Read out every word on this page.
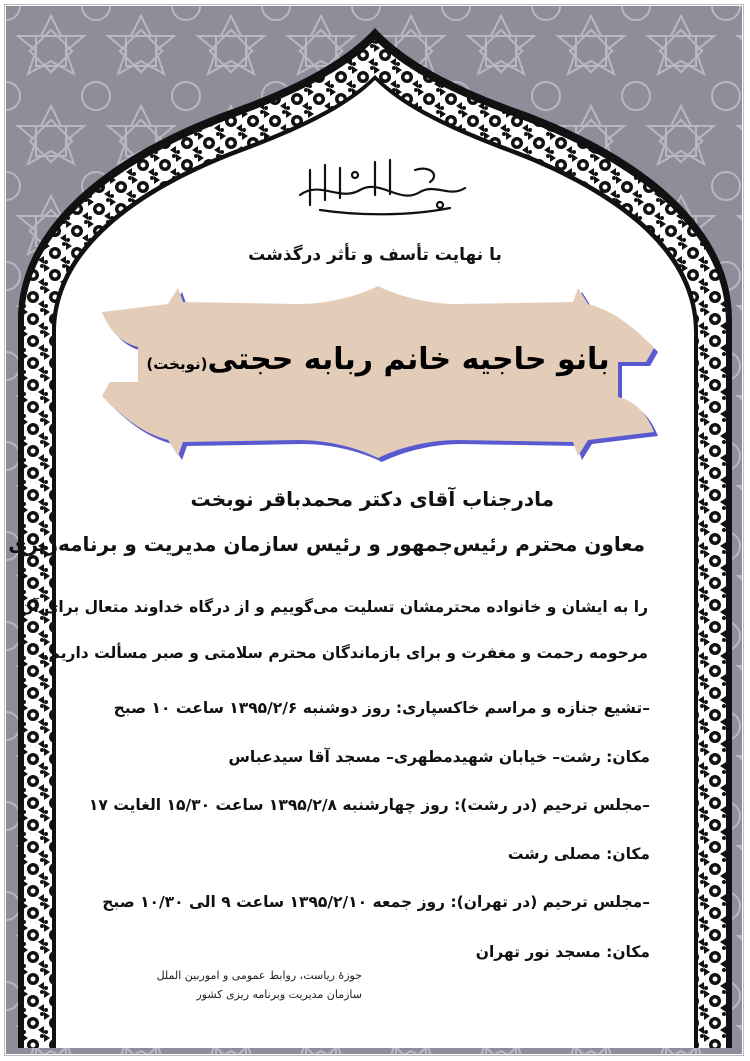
انا لله و انا الیه راجعون
با نهایت تأسف و تأثر درگذشت
بانو حاجیه خانم ربابه حجتی(نوبخت)
مادرجناب آقای دکتر محمدباقر نوبخت
معاون محترم رئیس‌جمهور و رئیس سازمان مدیریت و برنامه‌ریزی
را به ایشان و خانواده محترمشان تسلیت می‌گوییم و از درگاه خداوند متعال برای آن
مرحومه رحمت و مغفرت و برای بازماندگان محترم سلامتی و صبر مسألت داریم.
–تشیع جنازه و مراسم خاکسپاری: روز دوشنبه ۱۳۹۵/۲/۶ ساعت ۱۰ صبح
مکان: رشت– خیابان شهیدمطهری– مسجد آقا سیدعباس
–مجلس ترحیم (در رشت): روز چهارشنبه ۱۳۹۵/۲/۸ ساعت ۱۵/۳۰ الغایت ۱۷
مکان: مصلی رشت
–مجلس ترحیم (در تهران): روز جمعه ۱۳۹۵/۲/۱۰ ساعت ۹ الی ۱۰/۳۰ صبح
مکان: مسجد نور تهران
حوزۀ ریاست، روابط عمومی و اموربین الملل
سازمان مدیریت وبرنامه ریزی کشور
